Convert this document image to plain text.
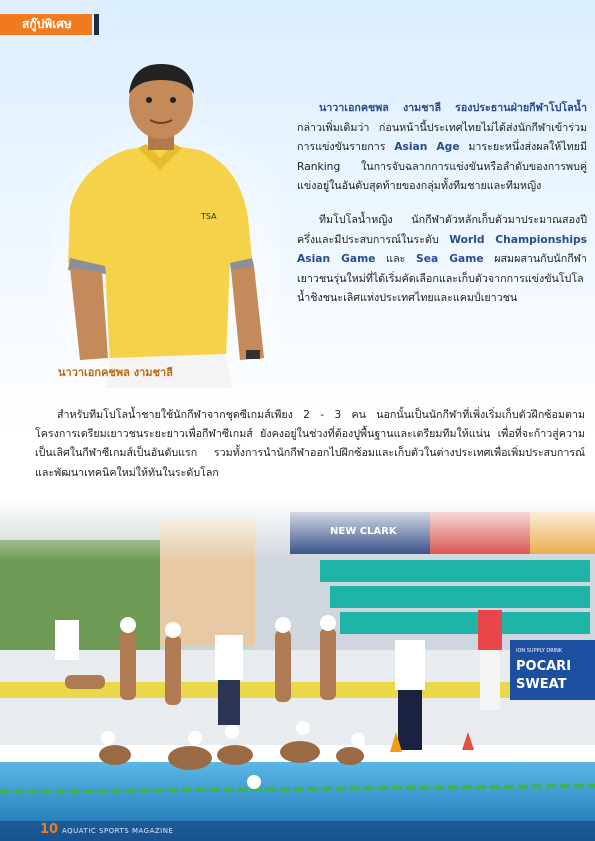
สกู๊ปพิเศษ
TSA
นาวาเอกคชพล งามชาลี

นาวาเอกคชพล งามชาลี รองประธานฝ่ายกีฬาโปโลน้ำ กล่าวเพิ่มเติมว่า ก่อนหน้านี้ประเทศไทยไม่ได้ส่งนักกีฬาเข้าร่วมการแข่งขันรายการ Asian Age มาระยะหนึ่งส่งผลให้ไทยมี Ranking ในการจับฉลากการแข่งขันหรือลำดับของการพบคู่แข่งอยู่ในอันดับสุดท้ายของกลุ่มทั้งทีมชายและทีมหญิง

ทีมโปโลน้ำหญิง นักกีฬาตัวหลักเก็บตัวมาประมาณสองปีครึ่งและมีประสบการณ์ในระดับ World Championships Asian Game และ Sea Game ผสมผสานกับนักกีฬาเยาวชนรุ่นใหม่ที่ได้เริ่มคัดเลือกและเก็บตัวจากการแข่งขันโปโลน้ำชิงชนะเลิศแห่งประเทศไทยและแคมป์เยาวชน

สำหรับทีมโปโลน้ำชายใช้นักกีฬาจากชุดซีเกมส์เพียง 2 - 3 คน นอกนั้นเป็นนักกีฬาที่เพิ่งเริ่มเก็บตัวฝึกซ้อมตามโครงการเตรียมเยาวชนระยะยาวเพื่อกีฬาซีเกมส์ ยังคงอยู่ในช่วงที่ต้องปูพื้นฐานและเตรียมทีมให้แน่น เพื่อที่จะก้าวสู่ความเป็นเลิศในกีฬาซีเกมส์เป็นอันดับแรก รวมทั้งการนำนักกีฬาออกไปฝึกซ้อมและเก็บตัวในต่างประเทศเพื่อเพิ่มประสบการณ์และพัฒนาเทคนิคใหม่ให้ทันในระดับโลก

10 AQUATIC SPORTS MAGAZINE
